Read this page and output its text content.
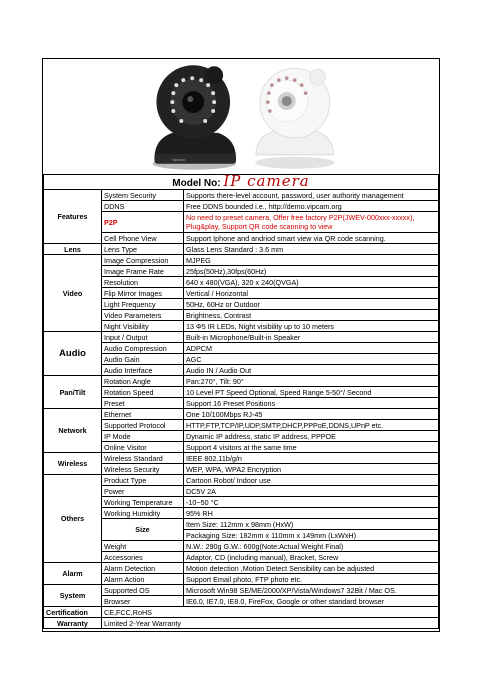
vipcam
Model No: IP camera		
Features	System Security	Supports there-level account, password, user authority management
	DDNS	Free DDNS bounded i.e., http://demo.vipcam.org
	P2P	No need to preset camera, Offer free factory P2P(JWEV-000xxx-xxxxx), Plug&play, Support QR code scanning to view
	Cell Phone View	Support Iphone and andriod smart view via QR code scanning.
Lens	Lens Type	Glass Lens Standard : 3.6 mm
Video	Image Compression	MJPEG
	Image Frame Rate	25fps(50Hz),30fps(60Hz)
	Resolution	640 x 480(VGA), 320 x 240(QVGA)
	Flip Mirror Images	Vertical / Horizontal
	Light Frequency	50Hz, 60Hz or Outdoor
	Video Parameters	Brightness, Contrast
	Night Visibility	13 Φ5 IR LEDs, Night visibility up to 10 meters
Audio	Input / Output	Built-in Microphone/Built-in Speaker
	Audio Compression	ADPCM
	Audio Gain	AGC
	Audio Interface	Audio IN / Audio Out
Pan/Tilt	Rotation Angle	Pan:270°, Tilt: 90°
	Rotation Speed	10 Level PT Speed Optional, Speed Range 5-50°/ Second
	Preset	Support 16 Preset Positions
Network	Ethernet	One 10/100Mbps RJ-45
	Supported Protocol	HTTP,FTP,TCP/IP,UDP,SMTP,DHCP,PPPoE,DDNS,UPnP etc.
	IP Mode	Dynamic IP address, static IP address, PPPOE
	Online Visitor	Support 4 visitors at the same time
Wireless	Wireless Standard	IEEE 802.11b/g/n
	Wireless Security	WEP, WPA, WPA2 Encryption
Others	Product Type	Cartoon Robot/ Indoor use
	Power	DC5V 2A
	Working Temperature	-10~50 °C
	Working Humidity	95% RH
	Size	Item Size: 112mm x 98mm (HxW)
		Packaging Size: 182mm x 110mm x 149mm (LxWxH)
	Weight	N.W.: 290g G.W.: 600g(Note:Actual Weight Final)
	Accessories	Adaptor, CD (including manual), Bracket, Screw
Alarm	Alarm Detection	Motion detection ,Motion Detect Sensibility can be adjusted
	Alarm Action	Support Email photo, FTP photo etc.
System	Supported OS	Microsoft Win98 SE/ME/2000/XP/Vista/Windows7 32Bit / Mac OS.
	Browser	IE6.0, IE7.0, IE8.0, FireFox, Google or other standard browser
Certification	CE,FCC,RoHS	
Warranty	Limited 2-Year Warranty	
